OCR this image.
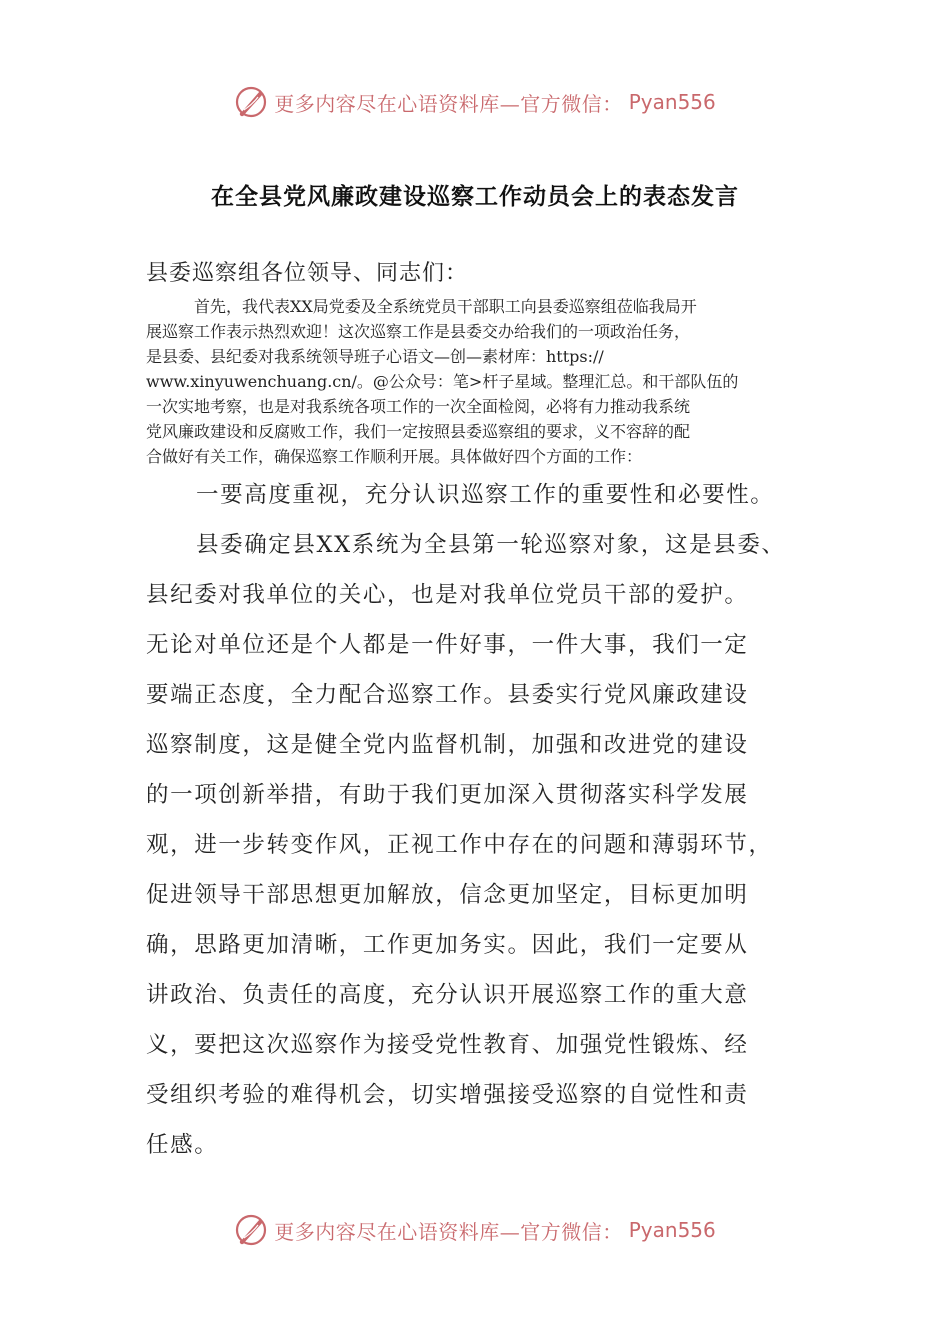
更多内容尽在心语资料库—官方微信： Pyan556
在全县党风廉政建设巡察工作动员会上的表态发言
县委巡察组各位领导、同志们：
首先，我代表XX局党委及全系统党员干部职工向县委巡察组莅临我局开
展巡察工作表示热烈欢迎！这次巡察工作是县委交办给我们的一项政治任务，
是县委、县纪委对我系统领导班子心语文—创—素材库：https://
www.xinyuwenchuang.cn/。@公众号：笔>杆子星域。整理汇总。和干部队伍的
一次实地考察，也是对我系统各项工作的一次全面检阅，必将有力推动我系统
党风廉政建设和反腐败工作，我们一定按照县委巡察组的要求，义不容辞的配
合做好有关工作，确保巡察工作顺利开展。具体做好四个方面的工作：
一要高度重视，充分认识巡察工作的重要性和必要性。
县委确定县XX系统为全县第一轮巡察对象，这是县委、
县纪委对我单位的关心，也是对我单位党员干部的爱护。
无论对单位还是个人都是一件好事，一件大事，我们一定
要端正态度，全力配合巡察工作。县委实行党风廉政建设
巡察制度，这是健全党内监督机制，加强和改进党的建设
的一项创新举措，有助于我们更加深入贯彻落实科学发展
观，进一步转变作风，正视工作中存在的问题和薄弱环节，
促进领导干部思想更加解放，信念更加坚定，目标更加明
确，思路更加清晰，工作更加务实。因此，我们一定要从
讲政治、负责任的高度，充分认识开展巡察工作的重大意
义，要把这次巡察作为接受党性教育、加强党性锻炼、经
受组织考验的难得机会，切实增强接受巡察的自觉性和责
任感。
更多内容尽在心语资料库—官方微信： Pyan556
